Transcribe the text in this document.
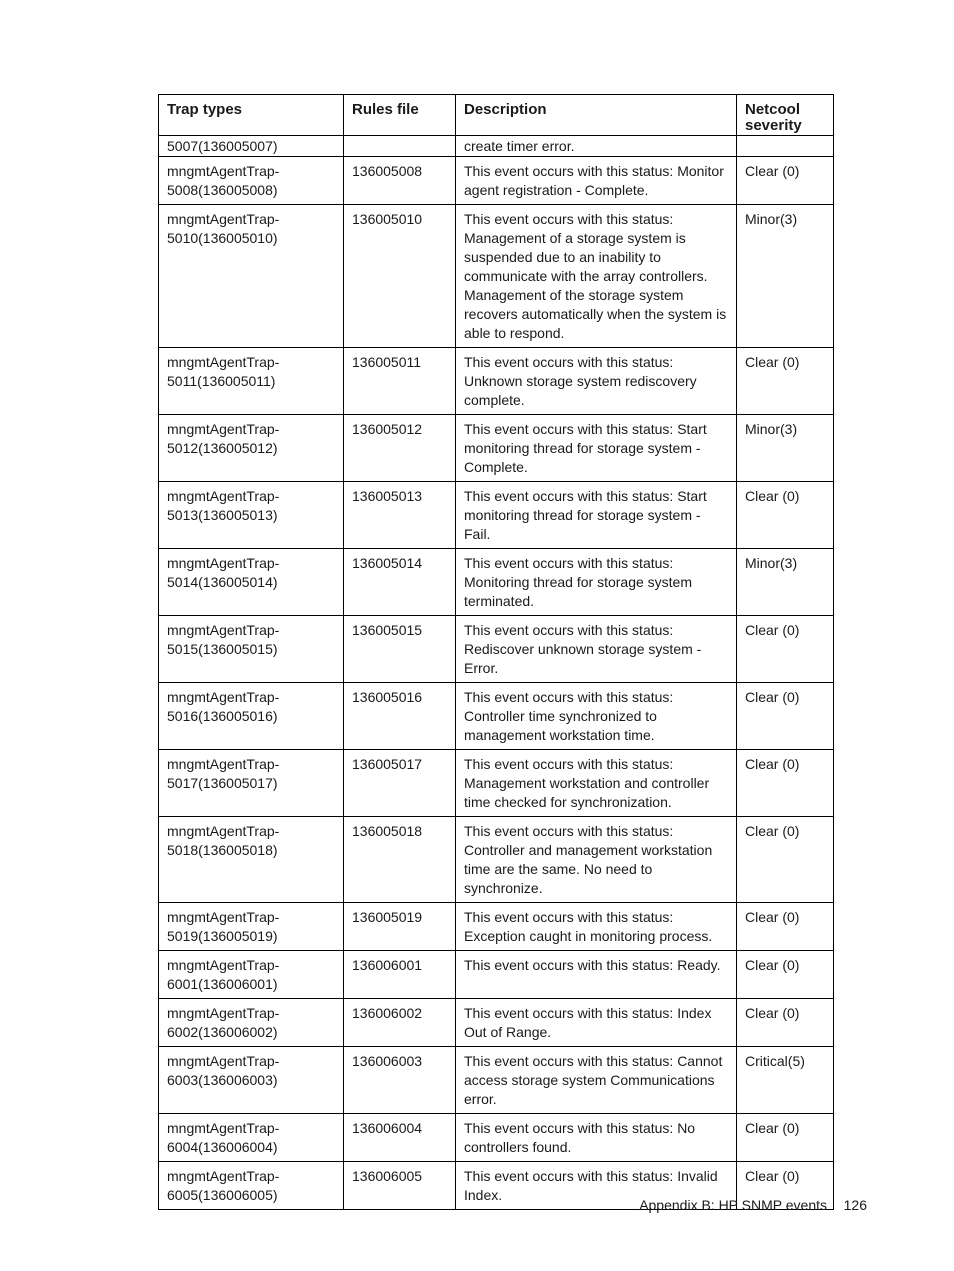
Trap types	Rules file	Description	Netcool severity
5007(136005007)		create timer error.	
mngmtAgentTrap-5008(136005008)	136005008	This event occurs with this status: Monitor agent registration - Complete.	Clear (0)
mngmtAgentTrap-5010(136005010)	136005010	This event occurs with this status: Management of a storage system is suspended due to an inability to communicate with the array controllers. Management of the storage system recovers automatically when the system is able to respond.	Minor(3)
mngmtAgentTrap-5011(136005011)	136005011	This event occurs with this status: Unknown storage system rediscovery complete.	Clear (0)
mngmtAgentTrap-5012(136005012)	136005012	This event occurs with this status: Start monitoring thread for storage system - Complete.	Minor(3)
mngmtAgentTrap-5013(136005013)	136005013	This event occurs with this status: Start monitoring thread for storage system - Fail.	Clear (0)
mngmtAgentTrap-5014(136005014)	136005014	This event occurs with this status: Monitoring thread for storage system terminated.	Minor(3)
mngmtAgentTrap-5015(136005015)	136005015	This event occurs with this status: Rediscover unknown storage system - Error.	Clear (0)
mngmtAgentTrap-5016(136005016)	136005016	This event occurs with this status: Controller time synchronized to management workstation time.	Clear (0)
mngmtAgentTrap-5017(136005017)	136005017	This event occurs with this status: Management workstation and controller time checked for synchronization.	Clear (0)
mngmtAgentTrap-5018(136005018)	136005018	This event occurs with this status: Controller and management workstation time are the same. No need to synchronize.	Clear (0)
mngmtAgentTrap-5019(136005019)	136005019	This event occurs with this status: Exception caught in monitoring process.	Clear (0)
mngmtAgentTrap-6001(136006001)	136006001	This event occurs with this status: Ready.	Clear (0)
mngmtAgentTrap-6002(136006002)	136006002	This event occurs with this status: Index Out of Range.	Clear (0)
mngmtAgentTrap-6003(136006003)	136006003	This event occurs with this status: Cannot access storage system Communications error.	Critical(5)
mngmtAgentTrap-6004(136006004)	136006004	This event occurs with this status: No controllers found.	Clear (0)
mngmtAgentTrap-6005(136006005)	136006005	This event occurs with this status: Invalid Index.	Clear (0)
Appendix B: HP SNMP events 126
